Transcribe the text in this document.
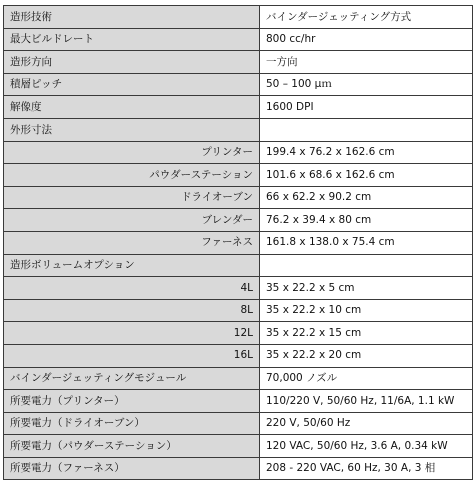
造形技術	バインダージェッティング方式
最大ビルドレート	800 cc/hr
造形方向	一方向
積層ピッチ	50 – 100 μｍ
解像度	1600 DPI
外形寸法	
プリンター	199.4 x 76.2 x 162.6 cm
パウダーステーション	101.6 x 68.6 x 162.6 cm
ドライオーブン	66 x 62.2 x 90.2 cm
ブレンダー	76.2 x 39.4 x 80 cm
ファーネス	161.8 x 138.0 x 75.4 cm
造形ボリュームオプション	
4L	35 x 22.2 x 5 cm
8L	35 x 22.2 x 10 cm
12L	35 x 22.2 x 15 cm
16L	35 x 22.2 x 20 cm
バインダージェッティングモジュール	70,000 ノズル
所要電力（プリンター）	110/220 V, 50/60 Hz, 11/6A, 1.1 kW
所要電力（ドライオーブン）	220 V, 50/60 Hz
所要電力（パウダーステーション）	120 VAC, 50/60 Hz, 3.6 A, 0.34 kW
所要電力（ファーネス）	208 - 220 VAC, 60 Hz, 30 A, 3 相
